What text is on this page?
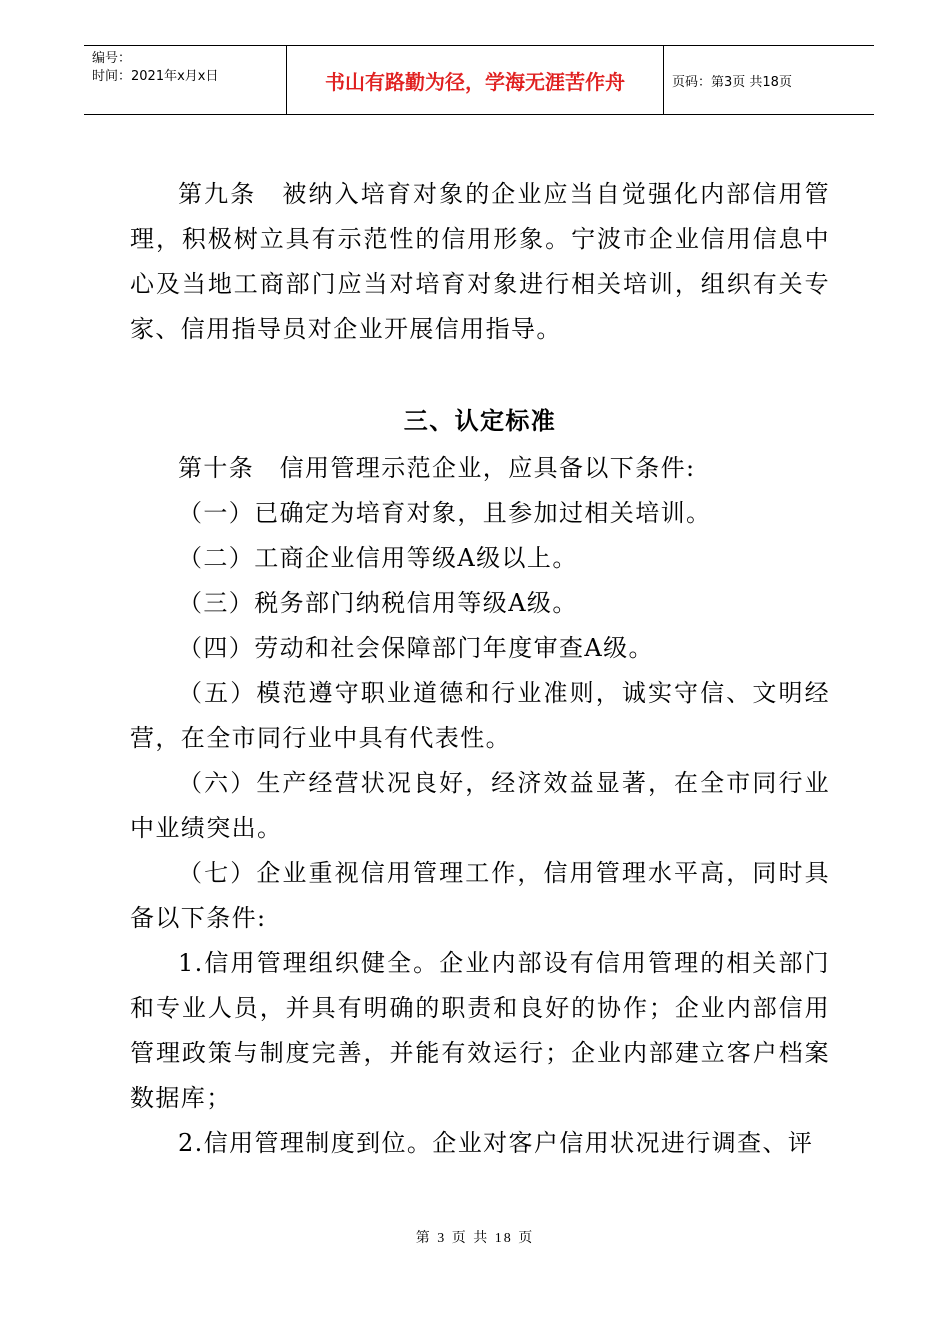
编号：
时间：2021年x月x日	书山有路勤为径，学海无涯苦作舟	页码：第3页 共18页

第九条　被纳入培育对象的企业应当自觉强化内部信用管理，积极树立具有示范性的信用形象。宁波市企业信用信息中心及当地工商部门应当对培育对象进行相关培训，组织有关专家、信用指导员对企业开展信用指导。

三、认定标准

第十条　信用管理示范企业，应具备以下条件:

（一）已确定为培育对象，且参加过相关培训。

（二）工商企业信用等级A级以上。

（三）税务部门纳税信用等级A级。

（四）劳动和社会保障部门年度审查A级。

（五）模范遵守职业道德和行业准则，诚实守信、文明经营，在全市同行业中具有代表性。

（六）生产经营状况良好，经济效益显著，在全市同行业中业绩突出。

（七）企业重视信用管理工作，信用管理水平高，同时具备以下条件:

1.信用管理组织健全。企业内部设有信用管理的相关部门和专业人员，并具有明确的职责和良好的协作；企业内部信用管理政策与制度完善，并能有效运行；企业内部建立客户档案数据库；

2.信用管理制度到位。企业对客户信用状况进行调查、评

第 3 页 共 18 页
